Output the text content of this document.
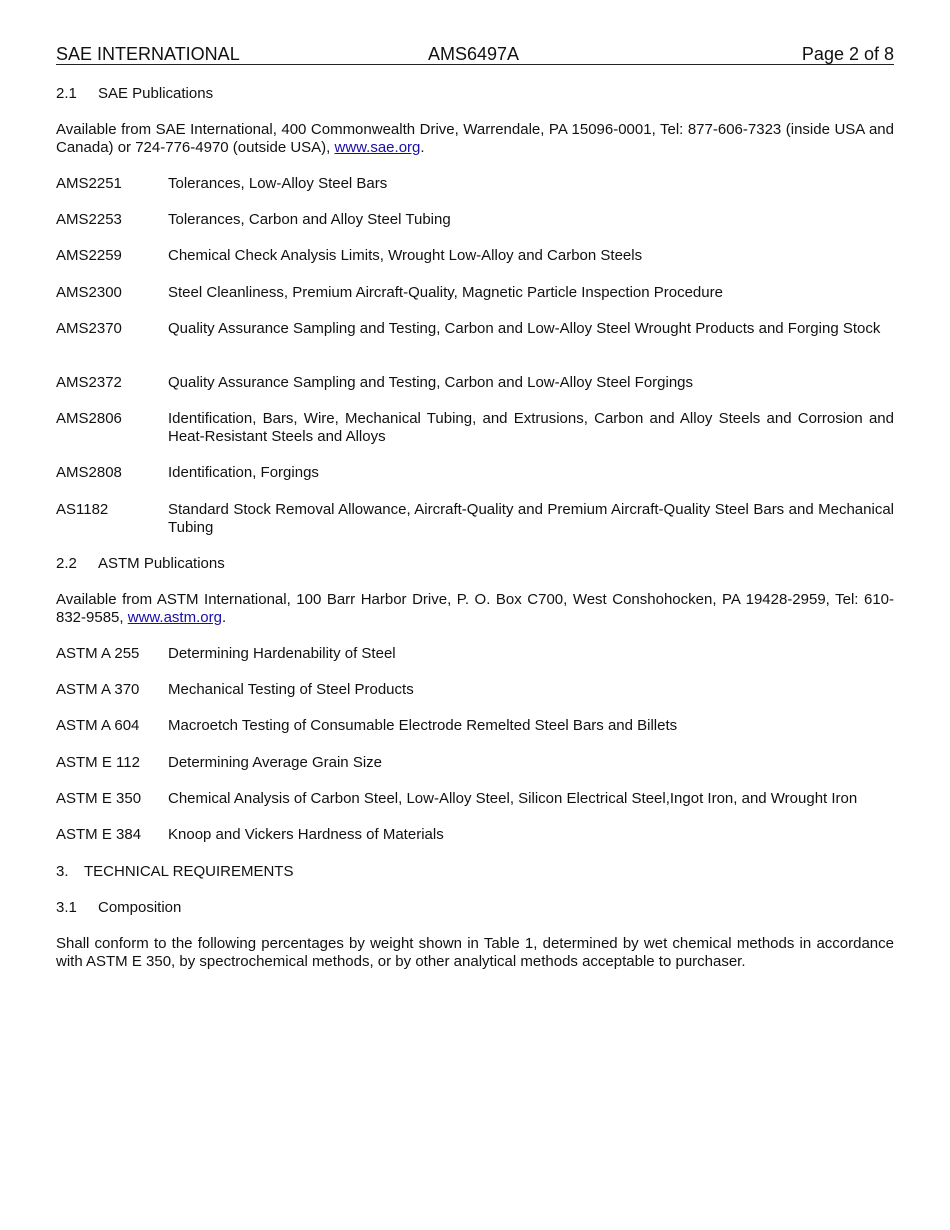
SAE INTERNATIONAL	AMS6497A	Page 2 of 8
2.1 SAE Publications
Available from SAE International, 400 Commonwealth Drive, Warrendale, PA 15096-0001, Tel: 877-606-7323 (inside USA and Canada) or 724-776-4970 (outside USA), www.sae.org.
AMS2251	Tolerances, Low-Alloy Steel Bars
AMS2253	Tolerances, Carbon and Alloy Steel Tubing
AMS2259	Chemical Check Analysis Limits, Wrought Low-Alloy and Carbon Steels
AMS2300	Steel Cleanliness, Premium Aircraft-Quality, Magnetic Particle Inspection Procedure
AMS2370	Quality Assurance Sampling and Testing, Carbon and Low-Alloy Steel Wrought Products and Forging Stock
AMS2372	Quality Assurance Sampling and Testing, Carbon and Low-Alloy Steel Forgings
AMS2806	Identification, Bars, Wire, Mechanical Tubing, and Extrusions, Carbon and Alloy Steels and Corrosion and Heat-Resistant Steels and Alloys
AMS2808	Identification, Forgings
AS1182	Standard Stock Removal Allowance, Aircraft-Quality and Premium Aircraft-Quality Steel Bars and Mechanical Tubing
2.2 ASTM Publications
Available from ASTM International, 100 Barr Harbor Drive, P. O. Box C700, West Conshohocken, PA 19428-2959, Tel: 610-832-9585, www.astm.org.
ASTM A 255 Determining Hardenability of Steel
ASTM A 370 Mechanical Testing of Steel Products
ASTM A 604 Macroetch Testing of Consumable Electrode Remelted Steel Bars and Billets
ASTM E 112 Determining Average Grain Size
ASTM E 350 Chemical Analysis of Carbon Steel, Low-Alloy Steel, Silicon Electrical Steel,Ingot Iron, and Wrought Iron
ASTM E 384 Knoop and Vickers Hardness of Materials
3. TECHNICAL REQUIREMENTS
3.1 Composition
Shall conform to the following percentages by weight shown in Table 1, determined by wet chemical methods in accordance with ASTM E 350, by spectrochemical methods, or by other analytical methods acceptable to purchaser.
